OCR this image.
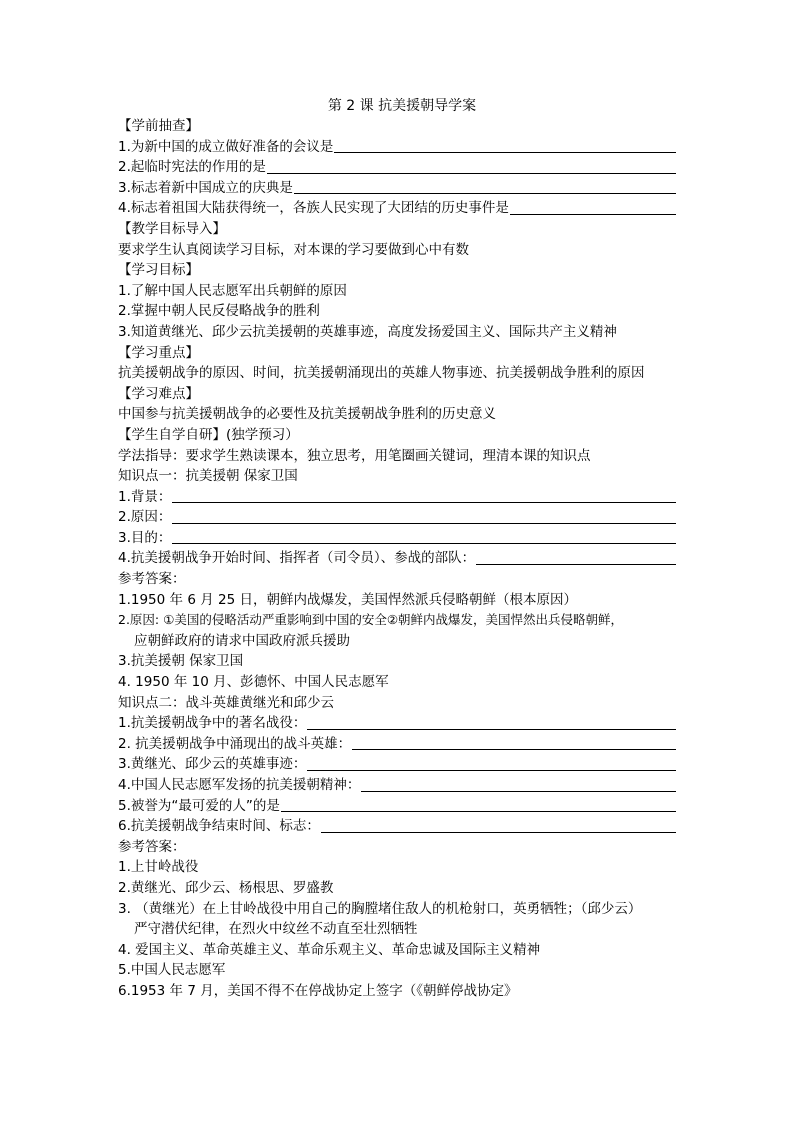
第 2 课 抗美援朝导学案
【学前抽查】
1.为新中国的成立做好准备的会议是
2.起临时宪法的作用的是
3.标志着新中国成立的庆典是
4.标志着祖国大陆获得统一，各族人民实现了大团结的历史事件是
【教学目标导入】
要求学生认真阅读学习目标，对本课的学习要做到心中有数
【学习目标】
1.了解中国人民志愿军出兵朝鲜的原因
2.掌握中朝人民反侵略战争的胜利
3.知道黄继光、邱少云抗美援朝的英雄事迹，高度发扬爱国主义、国际共产主义精神
【学习重点】
抗美援朝战争的原因、时间，抗美援朝涌现出的英雄人物事迹、抗美援朝战争胜利的原因
【学习难点】
中国参与抗美援朝战争的必要性及抗美援朝战争胜利的历史意义
【学生自学自研】(独学预习）
学法指导：要求学生熟读课本，独立思考，用笔圈画关键词，理清本课的知识点
知识点一：抗美援朝 保家卫国
1.背景：
2.原因：
3.目的：
4.抗美援朝战争开始时间、指挥者（司令员）、参战的部队：
参考答案：
1.1950 年 6 月 25 日，朝鲜内战爆发，美国悍然派兵侵略朝鲜（根本原因）
2.原因: ①美国的侵略活动严重影响到中国的安全②朝鲜内战爆发，美国悍然出兵侵略朝鲜，
应朝鲜政府的请求中国政府派兵援助
3.抗美援朝 保家卫国
4. 1950 年 10 月、彭德怀、中国人民志愿军
知识点二：战斗英雄黄继光和邱少云
1.抗美援朝战争中的著名战役：
2. 抗美援朝战争中涌现出的战斗英雄：
3.黄继光、邱少云的英雄事迹：
4.中国人民志愿军发扬的抗美援朝精神：
5.被誉为“最可爱的人”的是
6.抗美援朝战争结束时间、标志：
参考答案：
1.上甘岭战役
2.黄继光、邱少云、杨根思、罗盛教
3. （黄继光）在上甘岭战役中用自己的胸膛堵住敌人的机枪射口，英勇牺牲；（邱少云）
严守潜伏纪律，在烈火中纹丝不动直至壮烈牺牲
4. 爱国主义、革命英雄主义、革命乐观主义、革命忠诚及国际主义精神
5.中国人民志愿军
6.1953 年 7 月，美国不得不在停战协定上签字（《朝鲜停战协定》
